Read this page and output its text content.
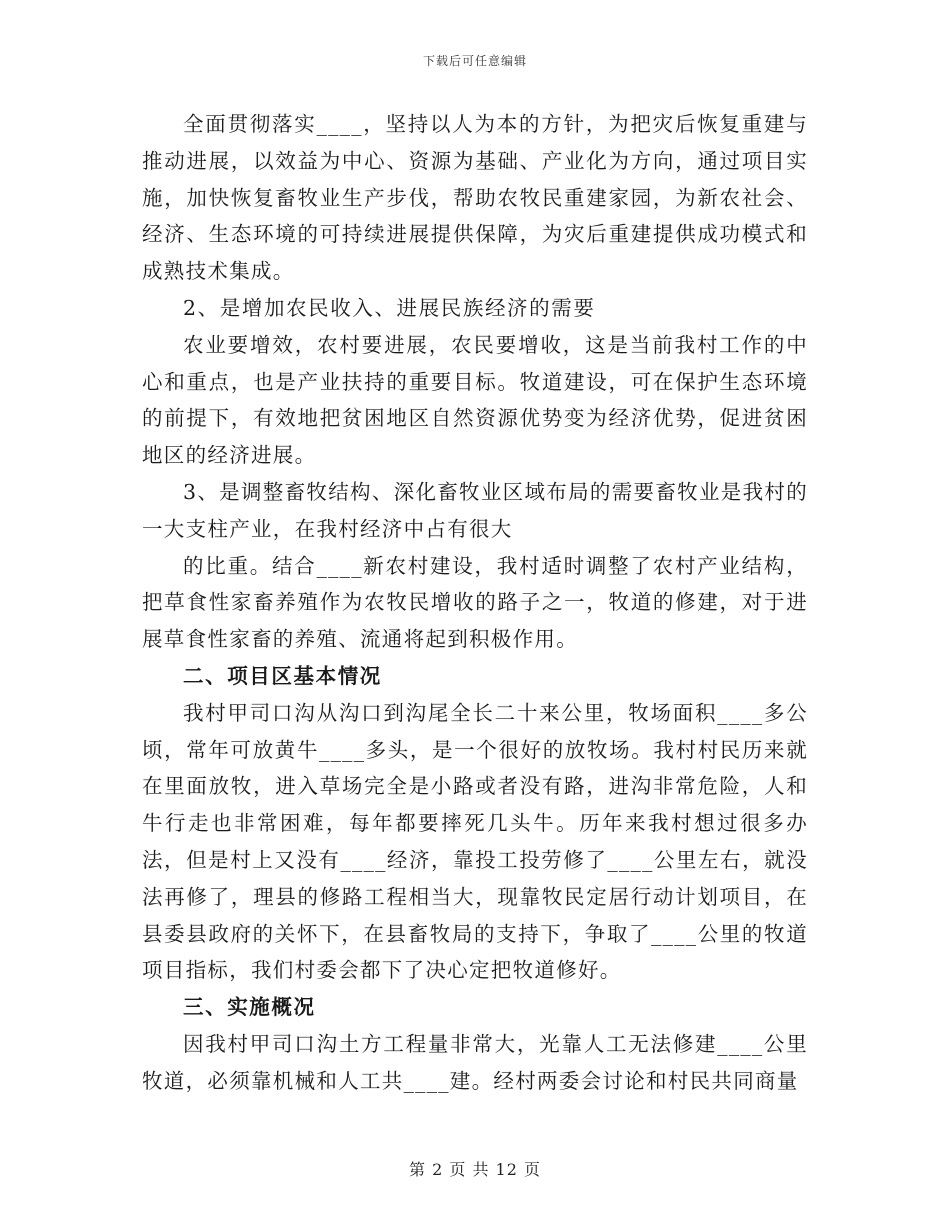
下载后可任意编辑

全面贯彻落实____，坚持以人为本的方针，为把灾后恢复重建与推动进展，以效益为中心、资源为基础、产业化为方向，通过项目实施，加快恢复畜牧业生产步伐，帮助农牧民重建家园，为新农社会、经济、生态环境的可持续进展提供保障，为灾后重建提供成功模式和成熟技术集成。

2、是增加农民收入、进展民族经济的需要

农业要增效，农村要进展，农民要增收，这是当前我村工作的中心和重点，也是产业扶持的重要目标。牧道建设，可在保护生态环境的前提下，有效地把贫困地区自然资源优势变为经济优势，促进贫困地区的经济进展。

3、是调整畜牧结构、深化畜牧业区域布局的需要畜牧业是我村的一大支柱产业，在我村经济中占有很大

的比重。结合____新农村建设，我村适时调整了农村产业结构，把草食性家畜养殖作为农牧民增收的路子之一，牧道的修建，对于进展草食性家畜的养殖、流通将起到积极作用。

二、项目区基本情况

我村甲司口沟从沟口到沟尾全长二十来公里，牧场面积____多公顷，常年可放黄牛____多头，是一个很好的放牧场。我村村民历来就在里面放牧，进入草场完全是小路或者没有路，进沟非常危险，人和牛行走也非常困难，每年都要摔死几头牛。历年来我村想过很多办法，但是村上又没有____经济，靠投工投劳修了____公里左右，就没法再修了，理县的修路工程相当大，现靠牧民定居行动计划项目，在县委县政府的关怀下，在县畜牧局的支持下，争取了____公里的牧道项目指标，我们村委会都下了决心定把牧道修好。

三、实施概况

因我村甲司口沟土方工程量非常大，光靠人工无法修建____公里牧道，必须靠机械和人工共____建。经村两委会讨论和村民共同商量

第 2 页 共 12 页
